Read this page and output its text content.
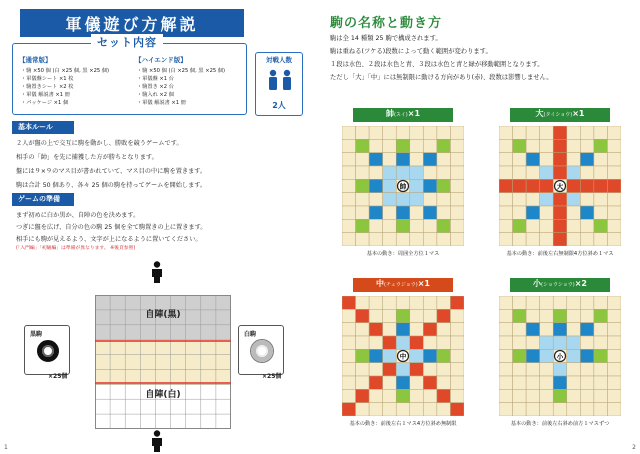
軍儀遊び方解説
セット内容
【通常版】
・駒 ×50 個 (白 ×25 個, 黒 ×25 個)
・軍儀盤シート ×1 枚
・駒置きシート ×2 枚
・軍儀 解説書 ×1 冊
・パッケージ ×1 個
【ハイエンド版】
・駒 ×50 個 (白 ×25 個, 黒 ×25 個)
・軍儀盤 ×1 台
・駒置き ×2 台
・駒入れ ×2 個
・軍儀 解説書 ×1 冊
対戦人数
2人
基本ルール
２人が盤の上で交互に駒を動かし、勝敗を競うゲームです。
相手の「帥」を先に捕獲した方が勝ちとなります。
盤には９×９のマス目が書かれていて、マス目の中に駒を置きます。
駒は合計 50 個あり、各々 25 個の駒を持ってゲームを開始します。
ゲームの準備
まず初めに白か黒か、自陣の色を決めます。
つぎに盤を広げ、自分の色の駒 25 個を全て駒置きの上に置きます。
相手にも駒が見えるよう、文字が上になるように置いてください。
(「入門編」「初級編」は準備が異なります。 ※後頁参照)
自陣(黒)
自陣(白)
黒駒
×25個
白駒
×25個
1
駒の名称と動き方
駒は全 14 種類 25 駒で構成されます。
駒は重ねる(ツケる)段数によって動く範囲が変わります。
１段は水色、２段は水色と青、３段は水色と青と緑が移動範囲となります。
ただし「大」「中」には無制限に動ける方向があり(赤)、段数は影響しません。
帥(スイ)×1
帥
基本の動き：周囲全方位１マス
大(タイショウ)×1
大
基本の動き：前後左右無制限4方位斜め１マス
中(チュウジョウ)×1
中
基本の動き：前後左右１マス4方位斜め無制限
小(ショウショウ)×2
小
基本の動き：前後左右斜め前方１マスずつ
2
